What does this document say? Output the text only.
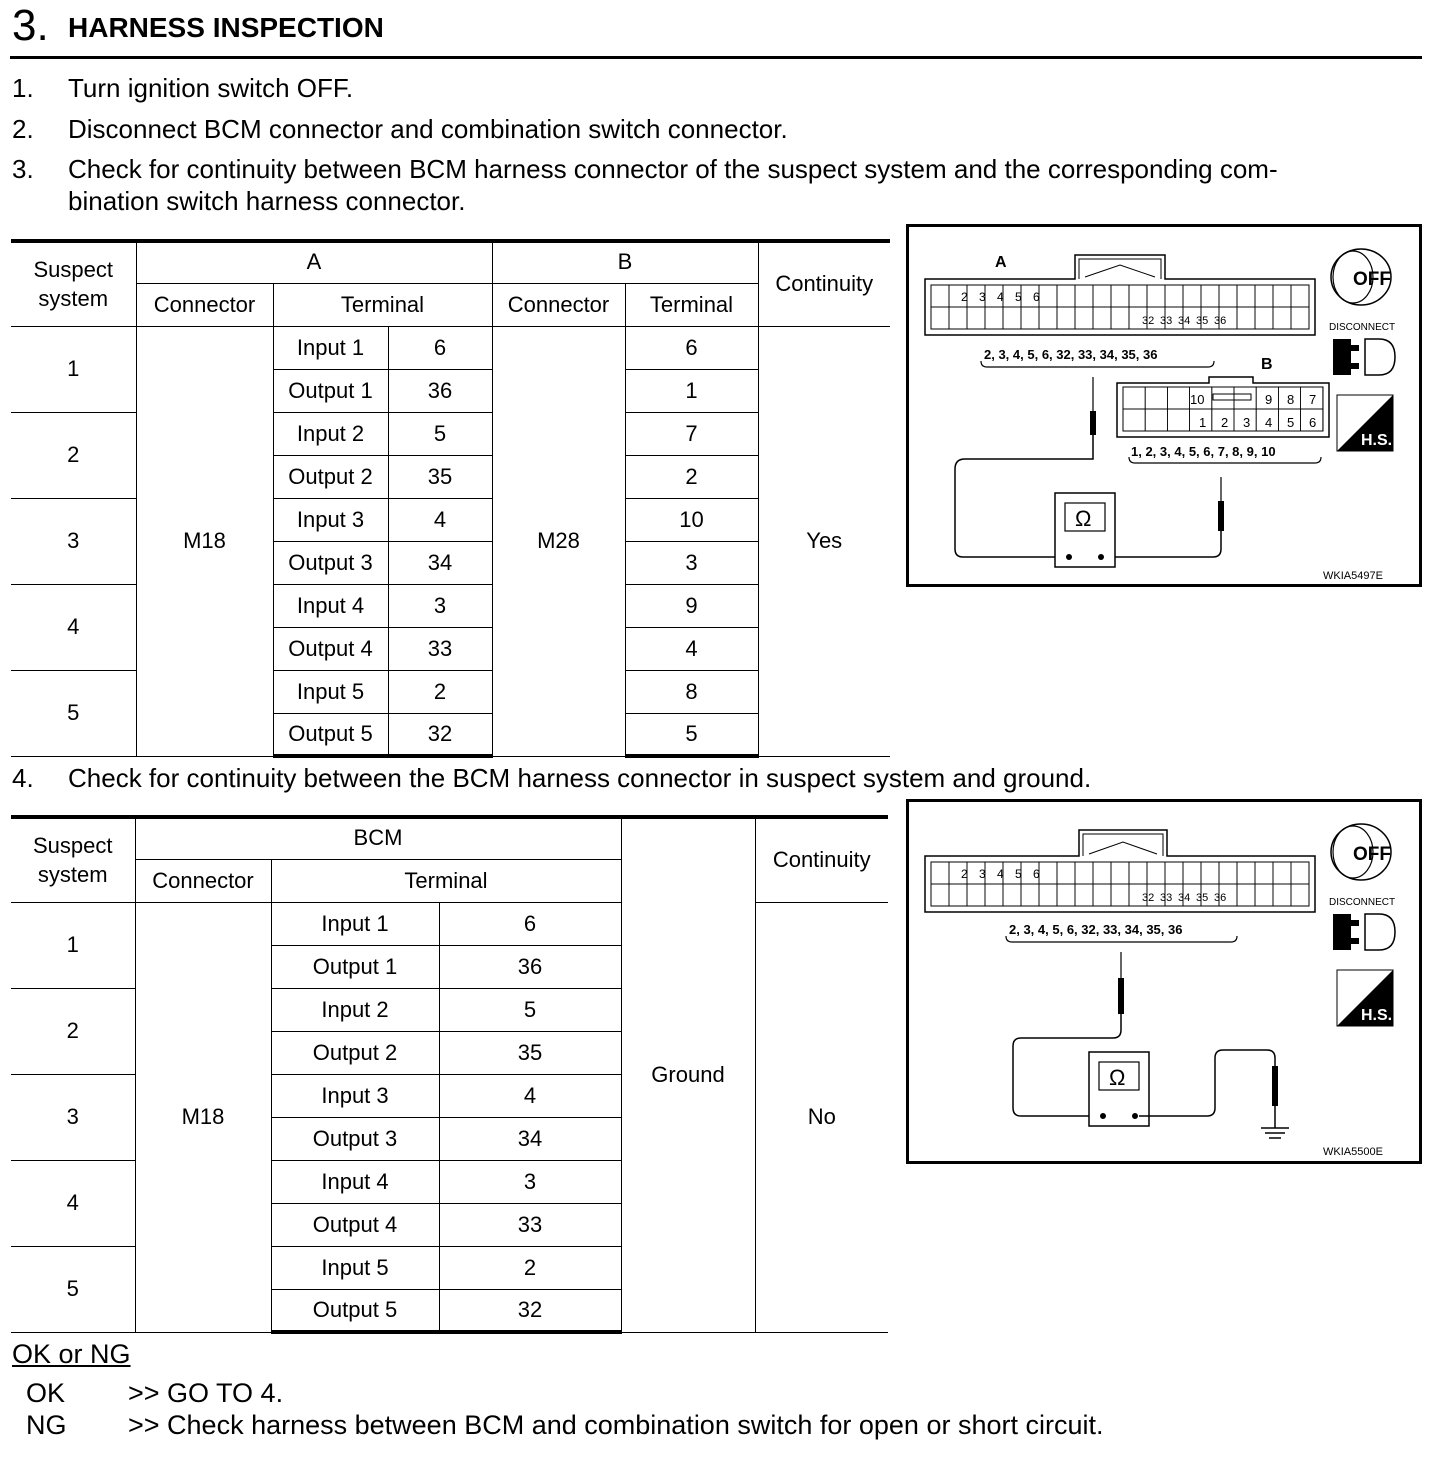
3. HARNESS INSPECTION
1.	Turn ignition switch OFF.
2.	Disconnect BCM connector and combination switch connector.
3.	Check for continuity between BCM harness connector of the suspect system and the corresponding com-
bination switch harness connector.
Suspect
system	A			B		Continuity
	Connector	Terminal		Connector	Terminal	
1	M18	Input 1	6	M28	6	Yes
		Output 1	36		1	
2		Input 2	5		7	
		Output 2	35		2	
3		Input 3	4		10	
		Output 3	34		3	
4		Input 4	3		9	
		Output 4	33		4	
5		Input 5	2		8	
		Output 5	32		5	
A
2 3 4 5 6
32 33 34 35 36
2, 3, 4, 5, 6, 32, 33, 34, 35, 36
B
10	9 8 7
1 2 3 4 5 6
1, 2, 3, 4, 5, 6, 7, 8, 9, 10
Ω
OFF
DISCONNECT
H.S.
WKIA5497E
4.	Check for continuity between the BCM harness connector in suspect system and ground.
Suspect
system	BCM			Ground	Continuity
	Connector	Terminal			
1	M18	Input 1	6		No
		Output 1	36		
2		Input 2	5		
		Output 2	35		
3		Input 3	4		
		Output 3	34		
4		Input 4	3		
		Output 4	33		
5		Input 5	2		
		Output 5	32		
2 3 4 5 6
32 33 34 35 36
2, 3, 4, 5, 6, 32, 33, 34, 35, 36
Ω
OFF
DISCONNECT
H.S.
WKIA5500E
OK or NG
OK >> GO TO 4.
NG >> Check harness between BCM and combination switch for open or short circuit.
